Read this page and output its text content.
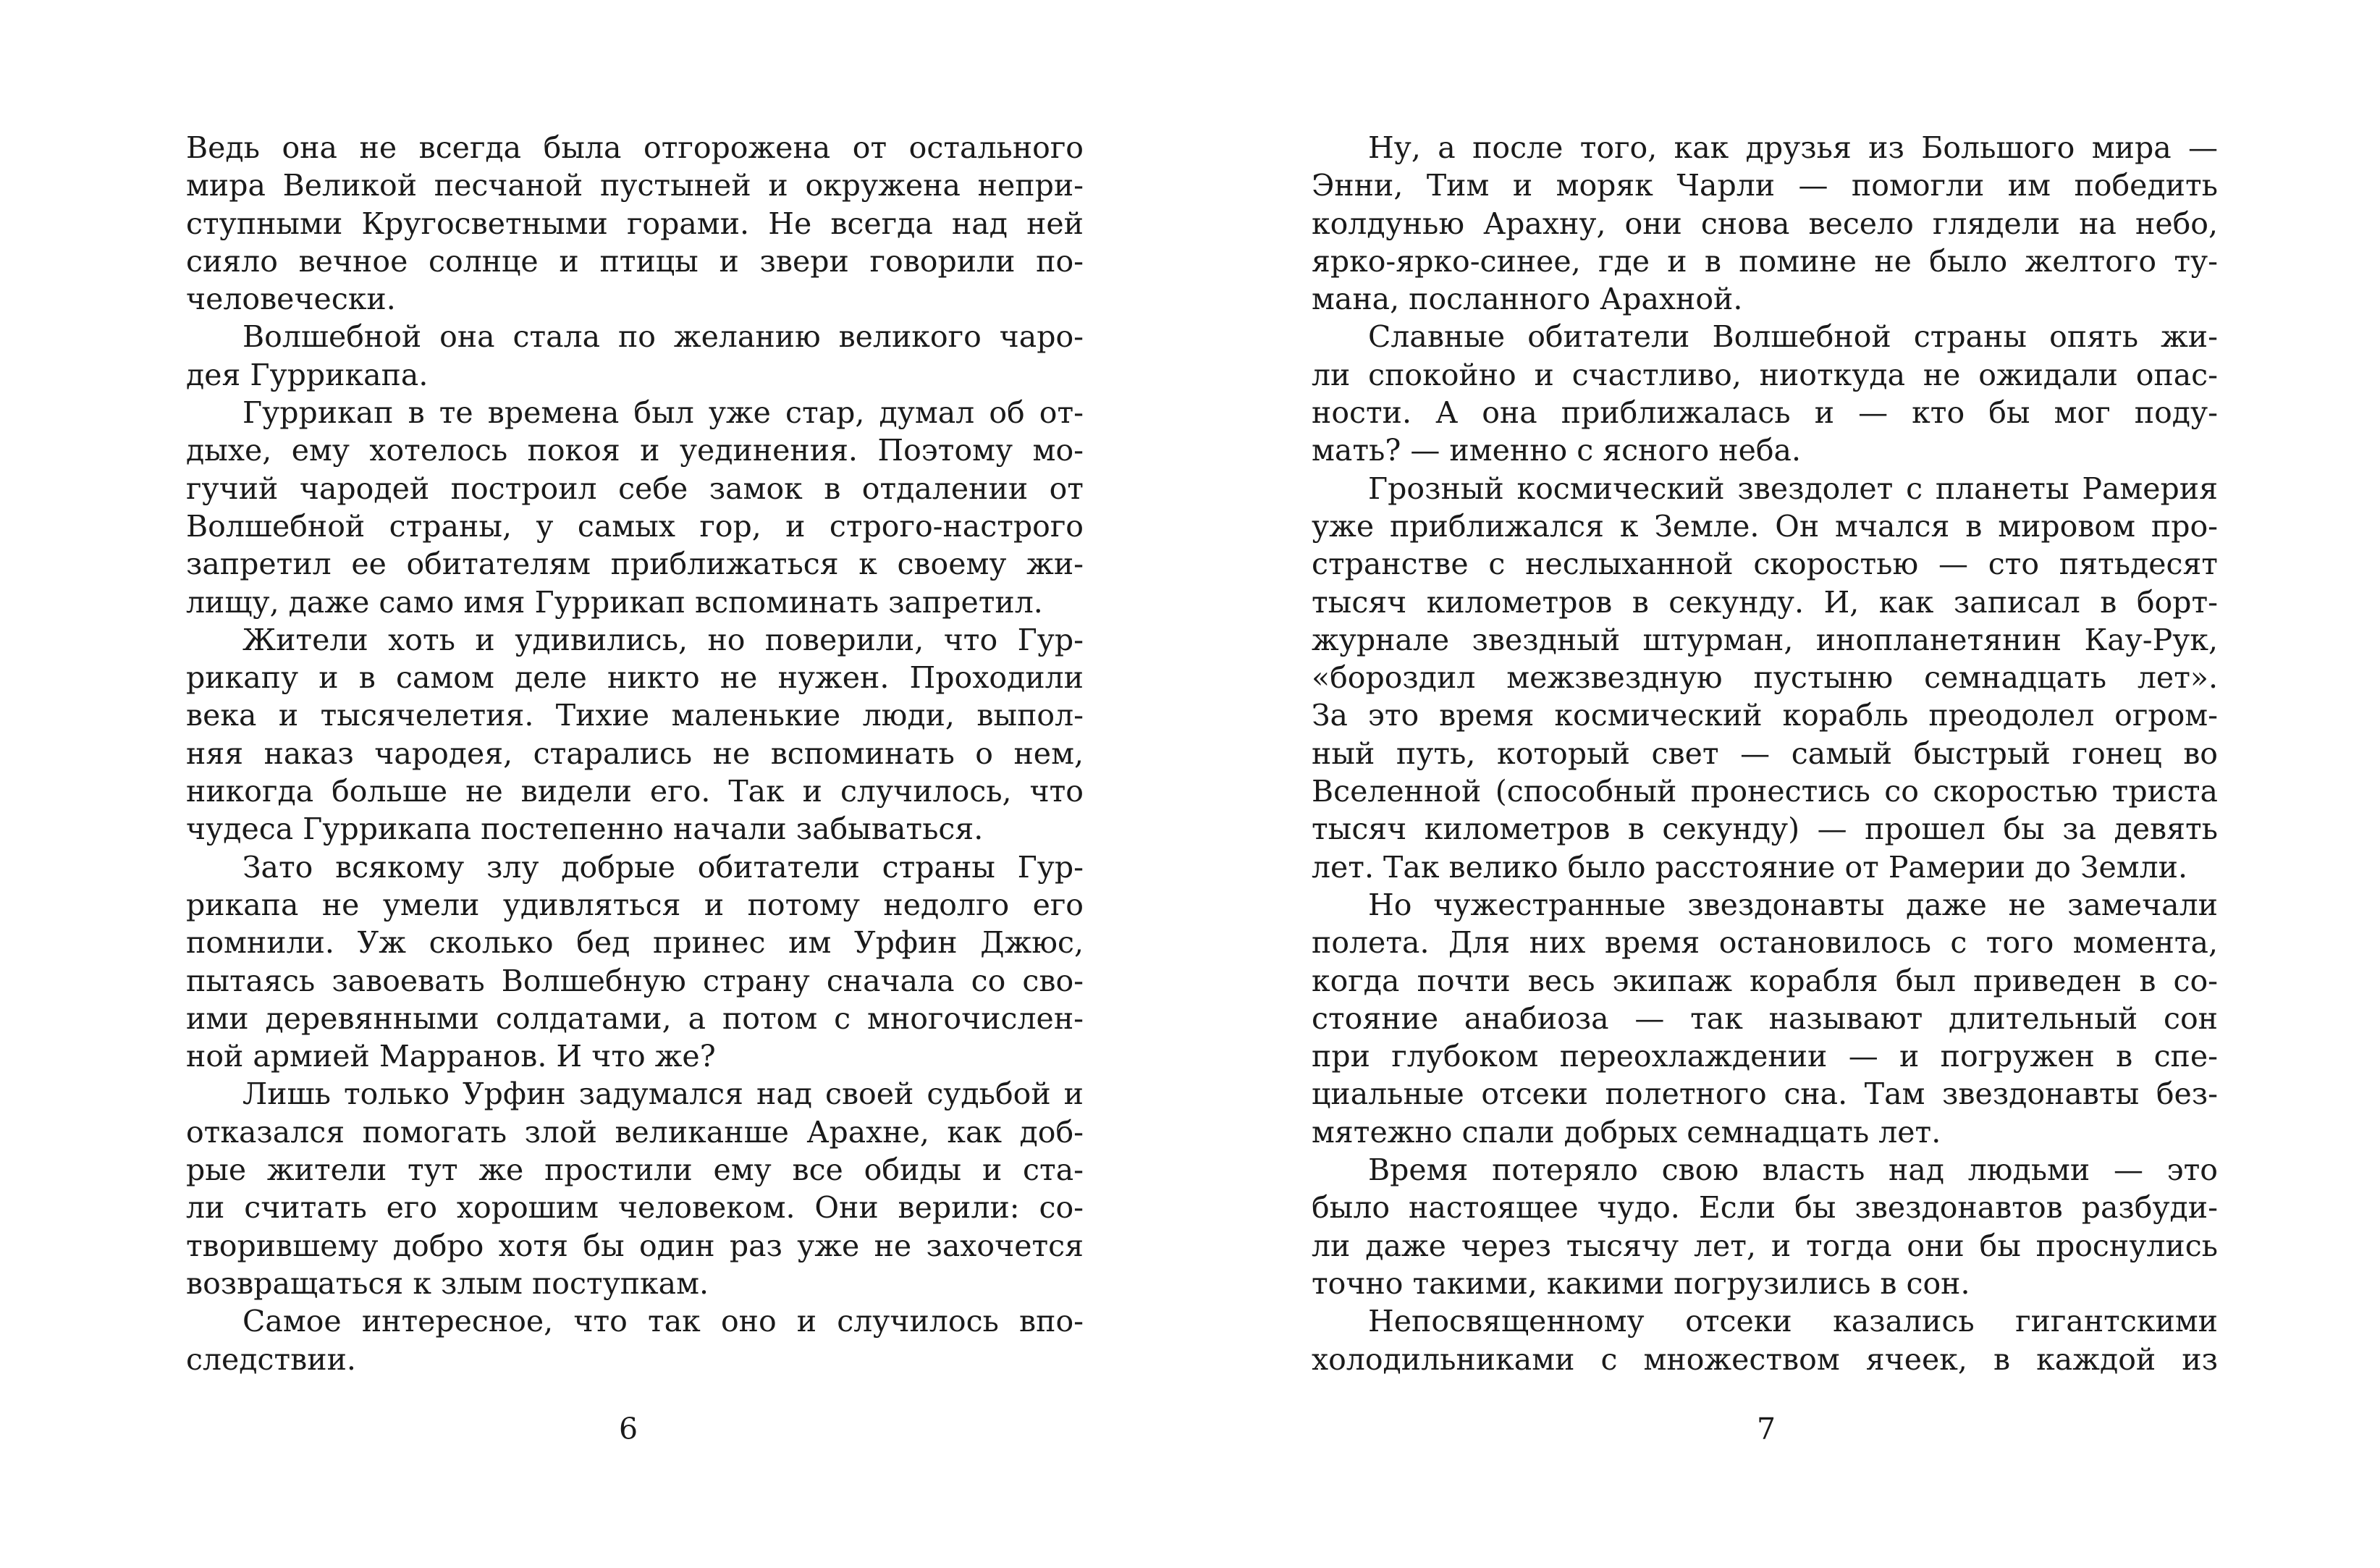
Ведь она не всегда была отгорожена от остального
мира Великой песчаной пустыней и окружена непри-
ступными Кругосветными горами. Не всегда над ней
сияло вечное солнце и птицы и звери говорили по-
человечески.
Волшебной она стала по желанию великого чаро-
дея Гуррикапа.
Гуррикап в те времена был уже стар, думал об от-
дыхе, ему хотелось покоя и уединения. Поэтому мо-
гучий чародей построил себе замок в отдалении от
Волшебной страны, у самых гор, и строго-настрого
запретил ее обитателям приближаться к своему жи-
лищу, даже само имя Гуррикап вспоминать запретил.
Жители хоть и удивились, но поверили, что Гур-
рикапу и в самом деле никто не нужен. Проходили
века и тысячелетия. Тихие маленькие люди, выпол-
няя наказ чародея, старались не вспоминать о нем,
никогда больше не видели его. Так и случилось, что
чудеса Гуррикапа постепенно начали забываться.
Зато всякому злу добрые обитатели страны Гур-
рикапа не умели удивляться и потому недолго его
помнили. Уж сколько бед принес им Урфин Джюс,
пытаясь завоевать Волшебную страну сначала со сво-
ими деревянными солдатами, а потом с многочислен-
ной армией Марранов. И что же?
Лишь только Урфин задумался над своей судьбой и
отказался помогать злой великанше Арахне, как доб-
рые жители тут же простили ему все обиды и ста-
ли считать его хорошим человеком. Они верили: со-
творившему добро хотя бы один раз уже не захочется
возвращаться к злым поступкам.
Самое интересное, что так оно и случилось впо-
следствии.
6
Ну, а после того, как друзья из Большого мира —
Энни, Тим и моряк Чарли — помогли им победить
колдунью Арахну, они снова весело глядели на небо,
ярко-ярко-синее, где и в помине не было желтого ту-
мана, посланного Арахной.
Славные обитатели Волшебной страны опять жи-
ли спокойно и счастливо, ниоткуда не ожидали опас-
ности. А она приближалась и — кто бы мог поду-
мать? — именно с ясного неба.
Грозный космический звездолет с планеты Рамерия
уже приближался к Земле. Он мчался в мировом про-
странстве с неслыханной скоростью — сто пятьдесят
тысяч километров в секунду. И, как записал в борт-
журнале звездный штурман, инопланетянин Кау-Рук,
«бороздил межзвездную пустыню семнадцать лет».
За это время космический корабль преодолел огром-
ный путь, который свет — самый быстрый гонец во
Вселенной (способный пронестись со скоростью триста
тысяч километров в секунду) — прошел бы за девять
лет. Так велико было расстояние от Рамерии до Земли.
Но чужестранные звездонавты даже не замечали
полета. Для них время остановилось с того момента,
когда почти весь экипаж корабля был приведен в со-
стояние анабиоза — так называют длительный сон
при глубоком переохлаждении — и погружен в спе-
циальные отсеки полетного сна. Там звездонавты без-
мятежно спали добрых семнадцать лет.
Время потеряло свою власть над людьми — это
было настоящее чудо. Если бы звездонавтов разбуди-
ли даже через тысячу лет, и тогда они бы проснулись
точно такими, какими погрузились в сон.
Непосвященному отсеки казались гигантскими
холодильниками с множеством ячеек, в каждой из
7
